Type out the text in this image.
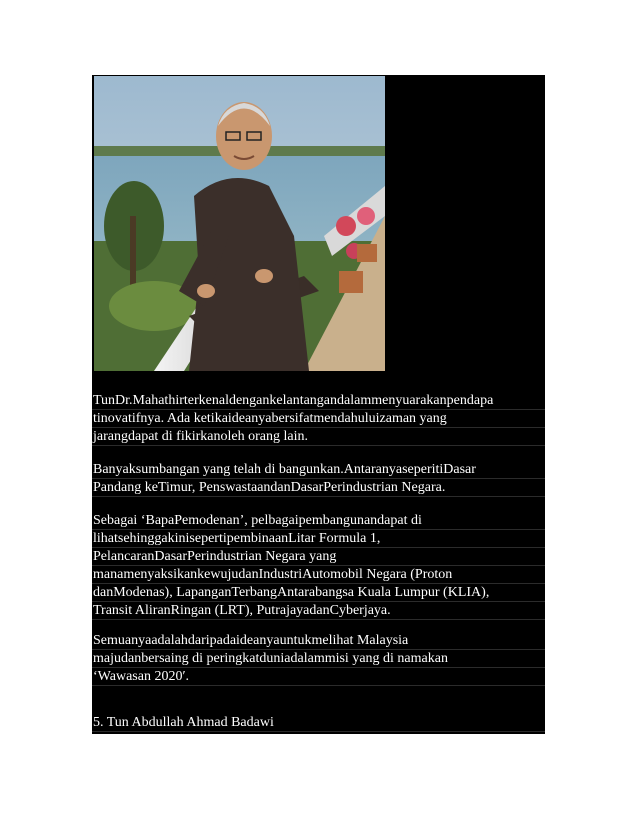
TunDr.Mahathirterkenaldengankelantangandalammenyuarakanpendapa
tinovatifnya. Ada ketikaideanyabersifatmendahuluizaman yang
jarangdapat di fikirkanoleh orang lain.
Banyaksumbangan yang telah di bangunkan.AntaranyaseperitiDasar
Pandang keTimur, PenswastaandanDasarPerindustrian Negara.
Sebagai ‘BapaPemodenan’, pelbagaipembangunandapat di
lihatsehinggakinisepertipembinaanLitar Formula 1,
PelancaranDasarPerindustrian Negara yang
manamenyaksikankewujudanIndustriAutomobil Negara (Proton
danModenas), LapanganTerbangAntarabangsa Kuala Lumpur (KLIA),
Transit AliranRingan (LRT), PutrajayadanCyberjaya.
Semuanyaadalahdaripadaideanyauntukmelihat Malaysia
majudanbersaing di peringkatduniadalammisi yang di namakan
‘Wawasan 2020′.
5. Tun Abdullah Ahmad Badawi
